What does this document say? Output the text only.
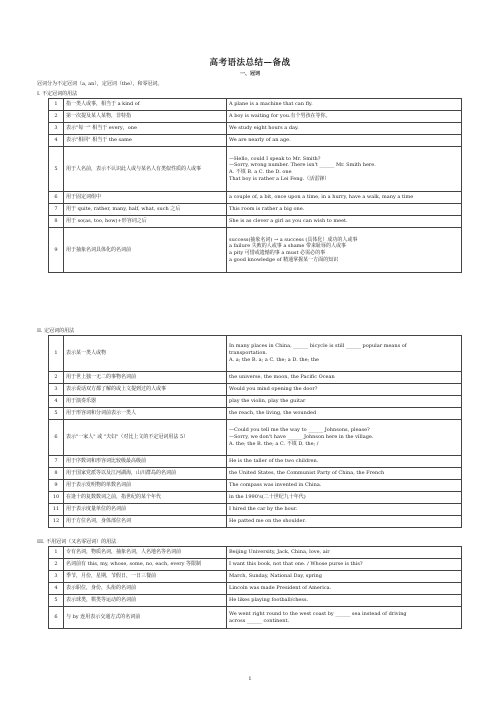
高考语法总结—备战
一、冠词
冠词分为不定冠词（a, an），定冠词（the），和零冠词。
I. 不定冠词的用法
1	指一类人或事，相当于 a kind of	A plane is a machine that can fly.

2	第一次提及某人某物，非特指	A boy is waiting for you.有个男孩在等你。

3	表示"每一" 相当于 every，one	We study eight hours a day.

4	表示"相同" 相当于 the same	We are nearly of an age.

5	用于人名前，表示不认识此人或与某名人有类似性质的人或事	—Hello, could I speak to Mr. Smith?
—Sorry, wrong number. There isn't ______ Mr. Smith here.
A. 不填 B. a C. the D. one
That boy is rather a Lei Feng.（活雷锋）

6	用于固定词组中	a couple of, a bit, once upon a time, in a hurry, have a walk, many a time

7	用于 quite, rather, many, half, what, such 之后	This room is rather a big one.

8	用于 so(as, too, how)+形容词之后	She is as clever a girl as you can wish to meet.

9	用于抽象名词具体化的名词前	success(抽象名词) → a success (具体化）成功的人或事
a failure 失败的人或事 a shame 带来耻辱的人或事
a pity 可惜或遗憾的事 a must 必需必的事
a good knowledge of 精通掌握某一方面的知识
II. 定冠词的用法
1	表示某一类人或物	In many places in China, ______ bicycle is still ______ popular means of
transportation.
A. a; the B. a; a C. the; a D. the; the

2	用于世上独一无二的事物名词前	the universe, the moon, the Pacific Ocean

3	表示说话双方都了解的或上文提到过的人或事	Would you mind opening the door?

4	用于演奏乐器	play the violin, play the guitar

5	用于形容词和分词前表示一类人	the reach, the living, the wounded

6	表示"一家人" 或 "夫妇"（对比上文的不定冠词用法 5）	—Could you tell me the way to ______ Johnsons, please?
—Sorry, we don't have ______ Johnson here in the village.
A. the; the B. the; a C. 不填 D. the; /

7	用于序数词和形容词比较级最高级前	He is the taller of the two children.

8	用于国家党派等以及江河湖海，山川群岛的名词前	the United States, the Communist Party of China, the French

9	用于表示发明物的单数名词前	The compass was invented in China.

10	在逢十的复数数词之前，指世纪的某个年代	in the 1990's(二十世纪九十年代)

11	用于表示度量单位的名词前	I hired the car by the hour.

12	用于方位名词，身体部位名词	He patted me on the shoulder.
III. 不用冠词（又名零冠词）的用法
1	专有名词，物质名词，抽象名词，人名地名等名词前	Beijing University, Jack, China, love, air

2	名词前有 this, my, whose, some, no, each, every 等限制	I want this book, not that one. / Whose purse is this?

3	季节，月份，星期，节假日，一日三餐前	March, Sunday, National Day, spring

4	表示职位，身份，头衔的名词前	Lincoln was made President of America.

5	表示球类，棋类等运动的名词前	He likes playing football/chess.

6	与 by 连用表示交通方式的名词前	We went right round to the west coast by ______ sea instead of driving
across ______ continent.
1
